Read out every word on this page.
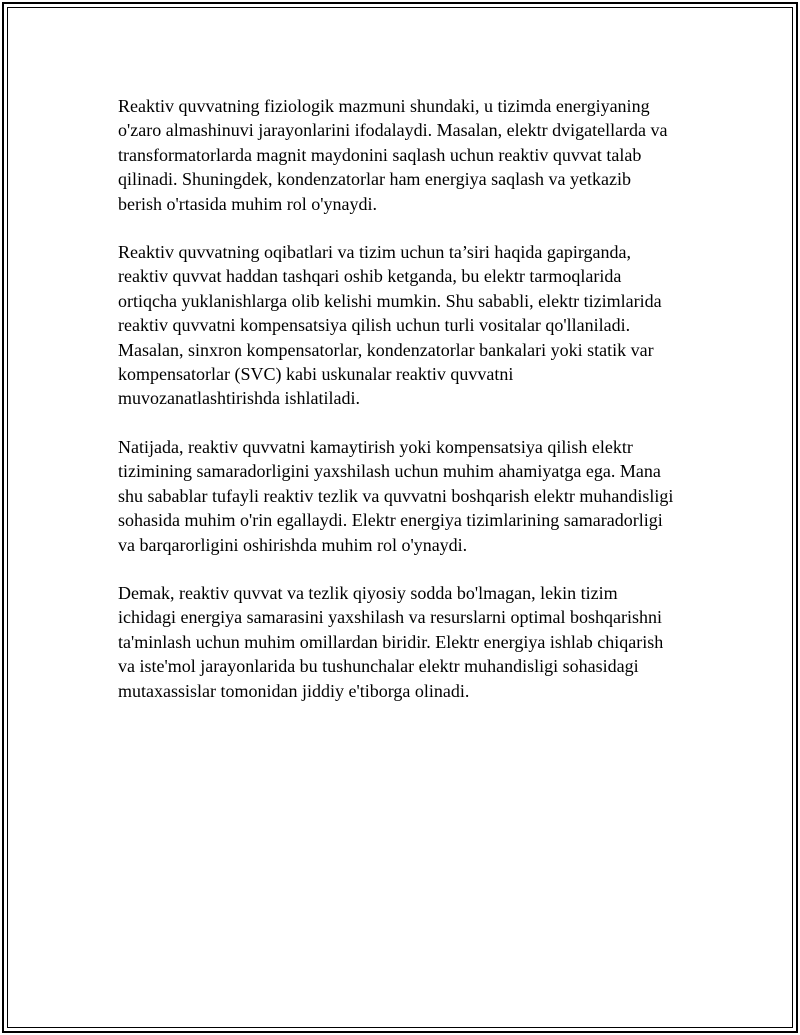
Reaktiv quvvatning fiziologik mazmuni shundaki, u tizimda energiyaning
o'zaro almashinuvi jarayonlarini ifodalaydi. Masalan, elektr dvigatellarda va
transformatorlarda magnit maydonini saqlash uchun reaktiv quvvat talab
qilinadi. Shuningdek, kondenzatorlar ham energiya saqlash va yetkazib
berish o'rtasida muhim rol o'ynaydi.

Reaktiv quvvatning oqibatlari va tizim uchun ta’siri haqida gapirganda,
reaktiv quvvat haddan tashqari oshib ketganda, bu elektr tarmoqlarida
ortiqcha yuklanishlarga olib kelishi mumkin. Shu sababli, elektr tizimlarida
reaktiv quvvatni kompensatsiya qilish uchun turli vositalar qo'llaniladi.
Masalan, sinxron kompensatorlar, kondenzatorlar bankalari yoki statik var
kompensatorlar (SVC) kabi uskunalar reaktiv quvvatni
muvozanatlashtirishda ishlatiladi.

Natijada, reaktiv quvvatni kamaytirish yoki kompensatsiya qilish elektr
tizimining samaradorligini yaxshilash uchun muhim ahamiyatga ega. Mana
shu sabablar tufayli reaktiv tezlik va quvvatni boshqarish elektr muhandisligi
sohasida muhim o'rin egallaydi. Elektr energiya tizimlarining samaradorligi
va barqarorligini oshirishda muhim rol o'ynaydi.

Demak, reaktiv quvvat va tezlik qiyosiy sodda bo'lmagan, lekin tizim
ichidagi energiya samarasini yaxshilash va resurslarni optimal boshqarishni
ta'minlash uchun muhim omillardan biridir. Elektr energiya ishlab chiqarish
va iste'mol jarayonlarida bu tushunchalar elektr muhandisligi sohasidagi
mutaxassislar tomonidan jiddiy e'tiborga olinadi.
